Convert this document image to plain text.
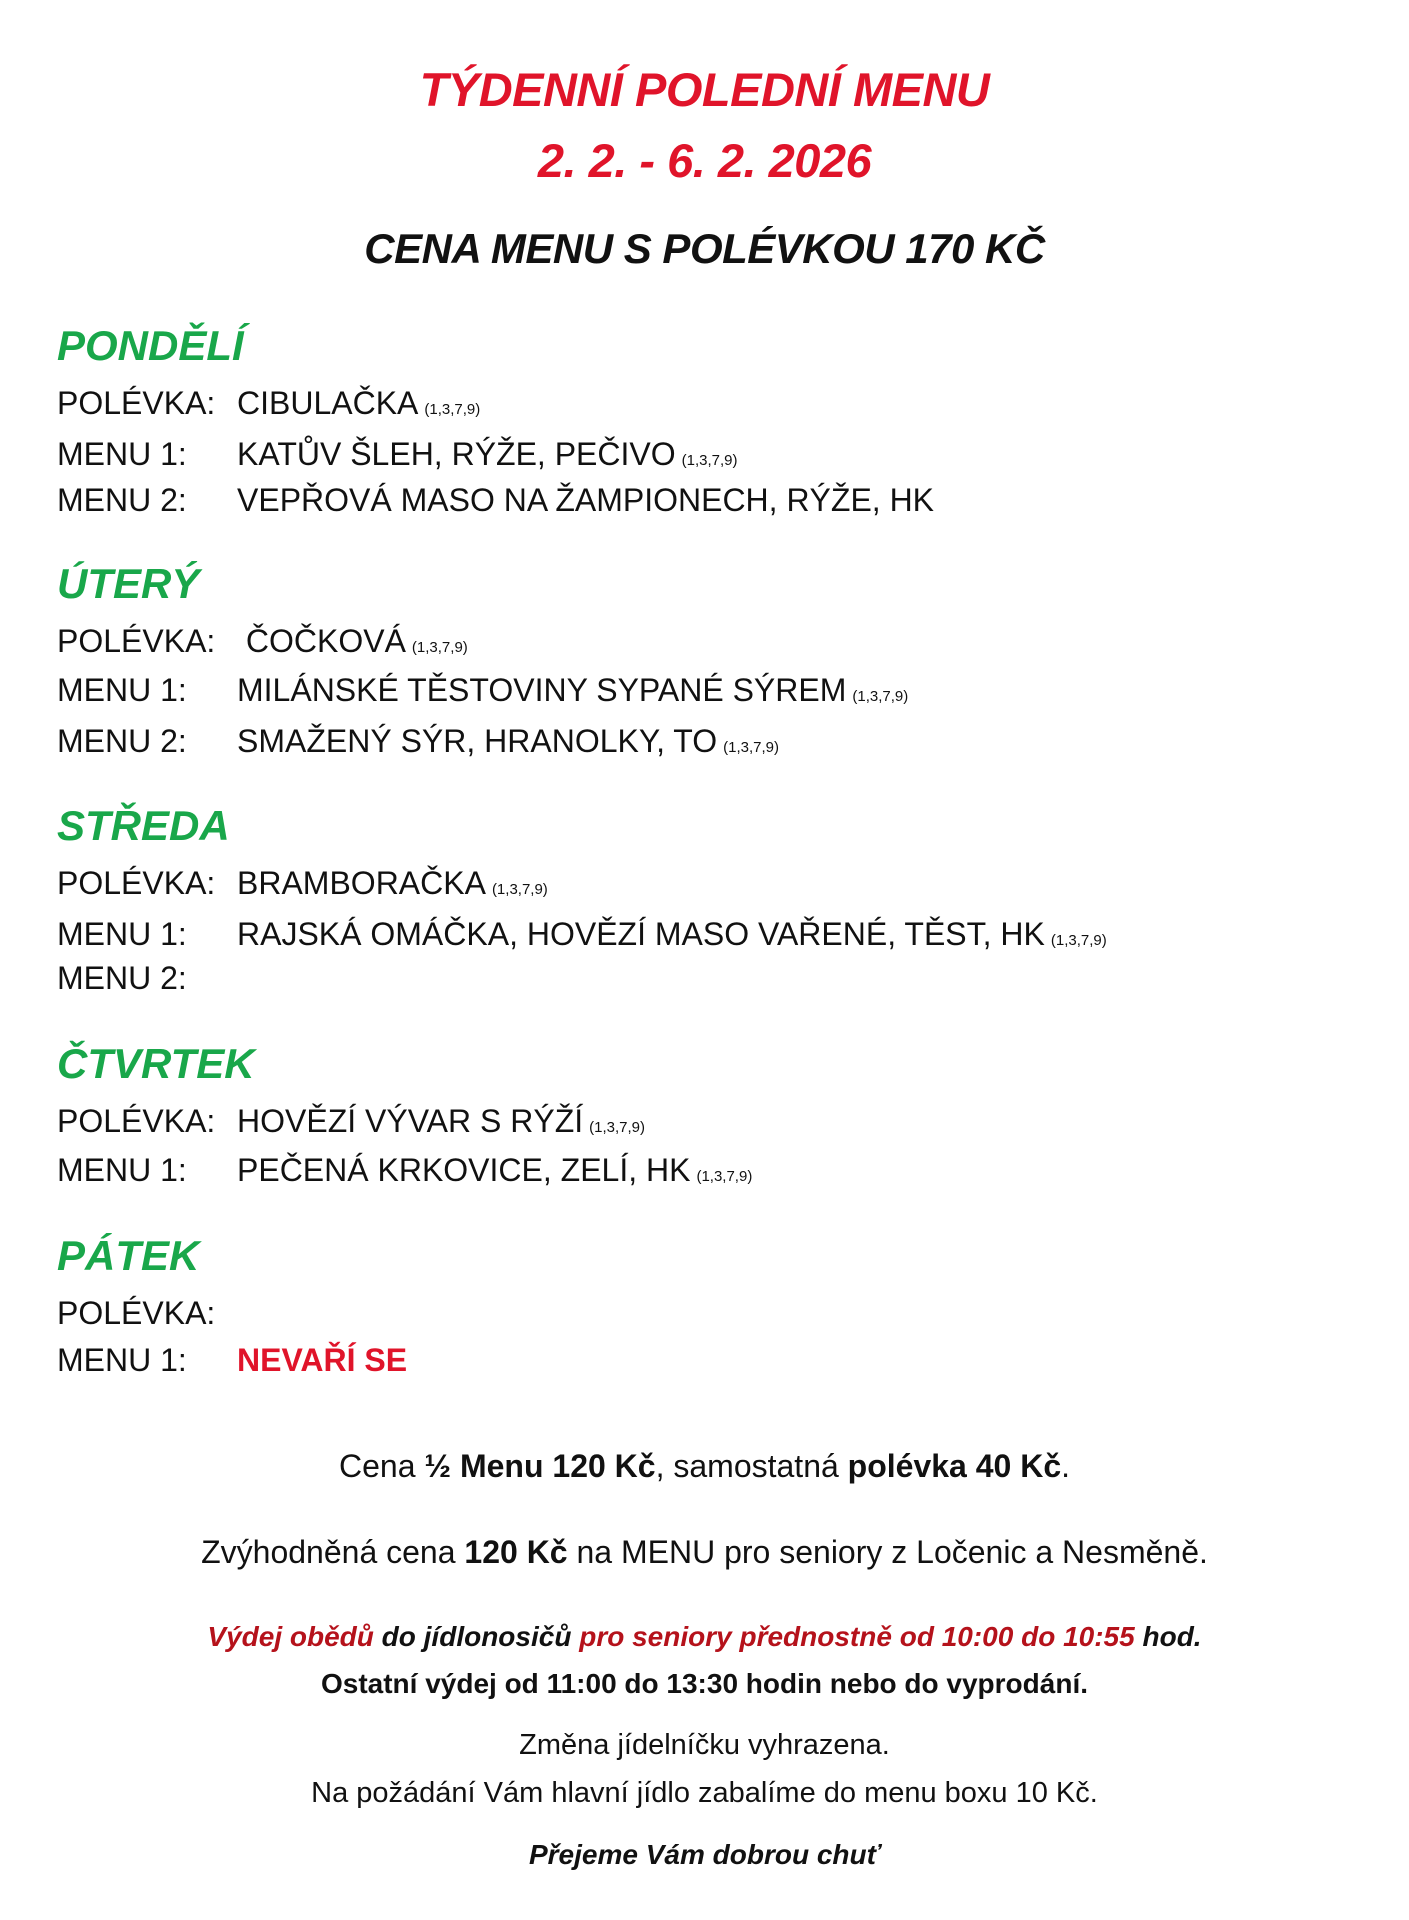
TÝDENNÍ POLEDNÍ MENU
2. 2. - 6. 2. 2026
CENA MENU S POLÉVKOU 170 KČ
PONDĚLÍ
POLÉVKA: CIBULAČKA (1,3,7,9)
MENU 1: KATŮV ŠLEH, RÝŽE, PEČIVO (1,3,7,9)
MENU 2: VEPŘOVÁ MASO NA ŽAMPIONECH, RÝŽE, HK
ÚTERÝ
POLÉVKA: ČOČKOVÁ (1,3,7,9)
MENU 1: MILÁNSKÉ TĚSTOVINY SYPANÉ SÝREM (1,3,7,9)
MENU 2: SMAŽENÝ SÝR, HRANOLKY, TO (1,3,7,9)
STŘEDA
POLÉVKA: BRAMBORAČKA (1,3,7,9)
MENU 1: RAJSKÁ OMÁČKA, HOVĚZÍ MASO VAŘENÉ, TĚST, HK (1,3,7,9)
MENU 2:
ČTVRTEK
POLÉVKA: HOVĚZÍ VÝVAR S RÝŽÍ (1,3,7,9)
MENU 1: PEČENÁ KRKOVICE, ZELÍ, HK (1,3,7,9)
PÁTEK
POLÉVKA:
MENU 1: NEVAŘÍ SE
Cena ½ Menu 120 Kč, samostatná polévka 40 Kč.
Zvýhodněná cena 120 Kč na MENU pro seniory z Ločenic a Nesměně.
Výdej obědů do jídlonosičů pro seniory přednostně od 10:00 do 10:55 hod.
Ostatní výdej od 11:00 do 13:30 hodin nebo do vyprodání.
Změna jídelníčku vyhrazena.
Na požádání Vám hlavní jídlo zabalíme do menu boxu 10 Kč.
Přejeme Vám dobrou chuť
